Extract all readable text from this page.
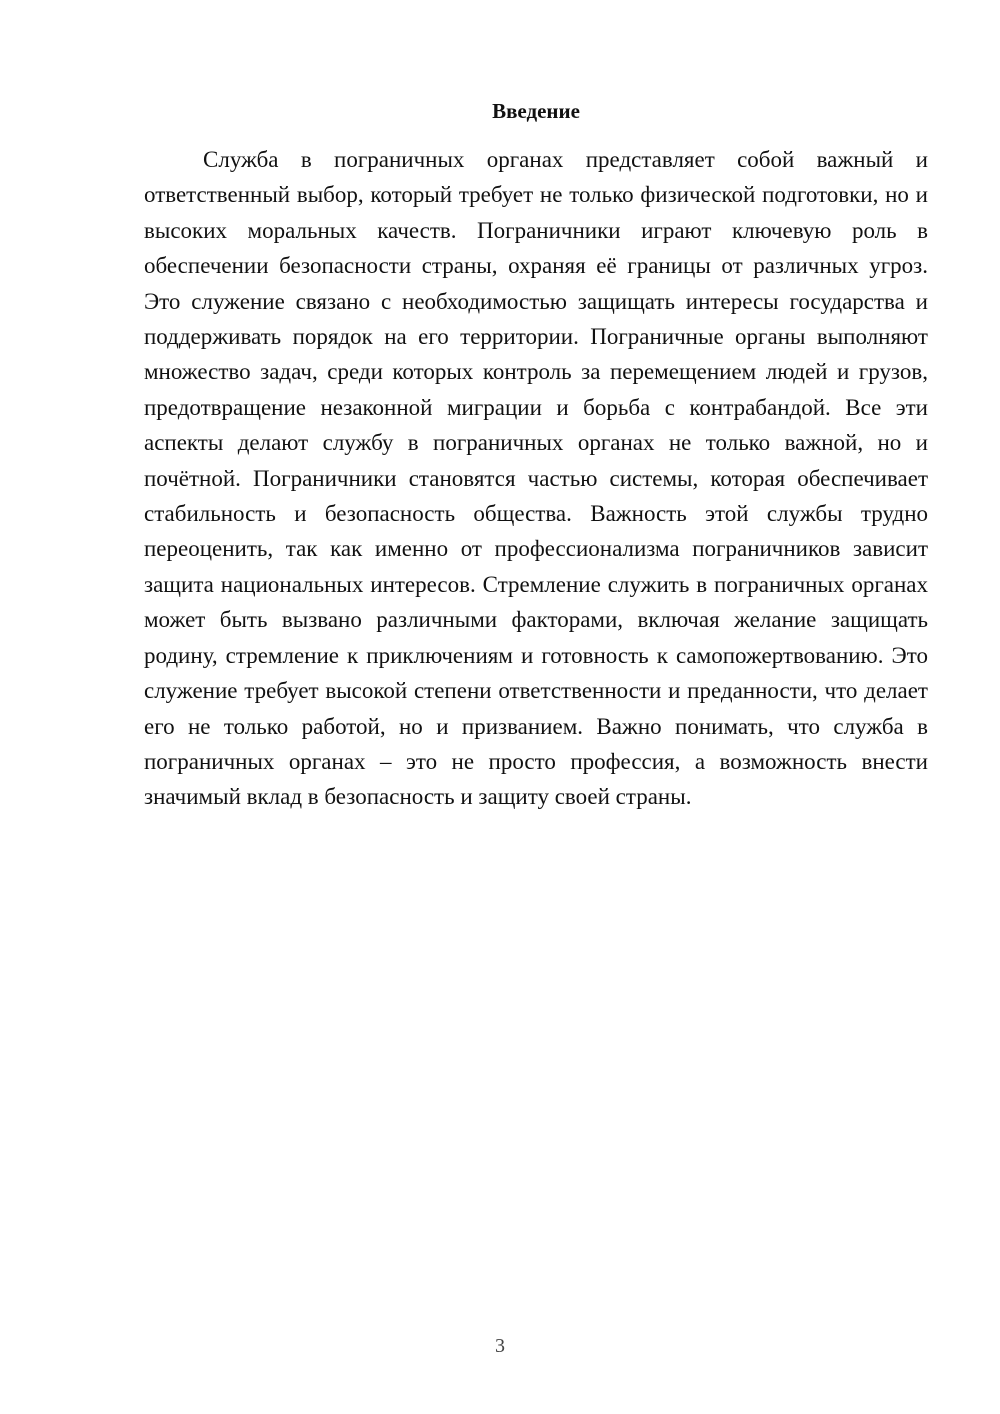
Введение

Служба в пограничных органах представляет собой важный и ответственный выбор, который требует не только физической подготовки, но и высоких моральных качеств. Пограничники играют ключевую роль в обеспечении безопасности страны, охраняя её границы от различных угроз. Это служение связано с необходимостью защищать интересы государства и поддерживать порядок на его территории. Пограничные органы выполняют множество задач, среди которых контроль за перемещением людей и грузов, предотвращение незаконной миграции и борьба с контрабандой. Все эти аспекты делают службу в пограничных органах не только важной, но и почётной. Пограничники становятся частью системы, которая обеспечивает стабильность и безопасность общества. Важность этой службы трудно переоценить, так как именно от профессионализма пограничников зависит защита национальных интересов. Стремление служить в пограничных органах может быть вызвано различными факторами, включая желание защищать родину, стремление к приключениям и готовность к самопожертвованию. Это служение требует высокой степени ответственности и преданности, что делает его не только работой, но и призванием. Важно понимать, что служба в пограничных органах – это не просто профессия, а возможность внести значимый вклад в безопасность и защиту своей страны.

3
